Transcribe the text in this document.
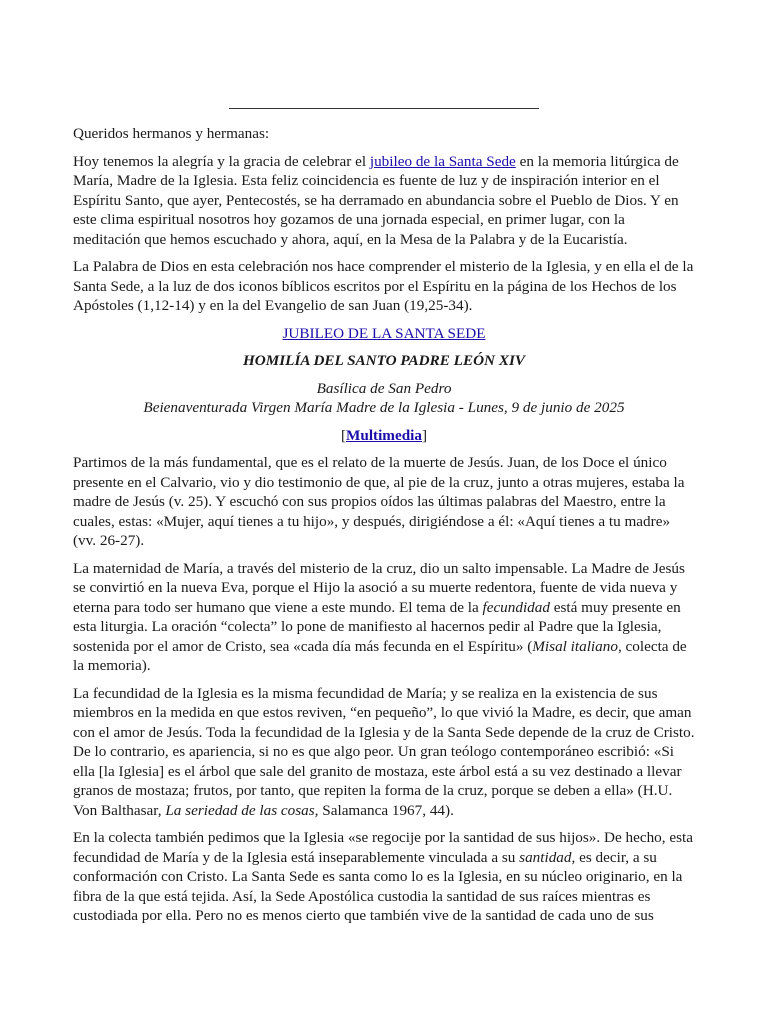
Queridos hermanos y hermanas:

Hoy tenemos la alegría y la gracia de celebrar el jubileo de la Santa Sede en la memoria litúrgica de María, Madre de la Iglesia. Esta feliz coincidencia es fuente de luz y de inspiración interior en el Espíritu Santo, que ayer, Pentecostés, se ha derramado en abundancia sobre el Pueblo de Dios. Y en este clima espiritual nosotros hoy gozamos de una jornada especial, en primer lugar, con la meditación que hemos escuchado y ahora, aquí, en la Mesa de la Palabra y de la Eucaristía.

La Palabra de Dios en esta celebración nos hace comprender el misterio de la Iglesia, y en ella el de la Santa Sede, a la luz de dos iconos bíblicos escritos por el Espíritu en la página de los Hechos de los Apóstoles (1,12-14) y en la del Evangelio de san Juan (19,25-34).

JUBILEO DE LA SANTA SEDE

HOMILÍA DEL SANTO PADRE LEÓN XIV

Basílica de San Pedro
Beienaventurada Virgen María Madre de la Iglesia - Lunes, 9 de junio de 2025

[Multimedia]

Partimos de la más fundamental, que es el relato de la muerte de Jesús. Juan, de los Doce el único presente en el Calvario, vio y dio testimonio de que, al pie de la cruz, junto a otras mujeres, estaba la madre de Jesús (v. 25). Y escuchó con sus propios oídos las últimas palabras del Maestro, entre la cuales, estas: «Mujer, aquí tienes a tu hijo», y después, dirigiéndose a él: «Aquí tienes a tu madre» (vv. 26-27).

La maternidad de María, a través del misterio de la cruz, dio un salto impensable. La Madre de Jesús se convirtió en la nueva Eva, porque el Hijo la asoció a su muerte redentora, fuente de vida nueva y eterna para todo ser humano que viene a este mundo. El tema de la fecundidad está muy presente en esta liturgia. La oración “colecta” lo pone de manifiesto al hacernos pedir al Padre que la Iglesia, sostenida por el amor de Cristo, sea «cada día más fecunda en el Espíritu» (Misal italiano, colecta de la memoria).

La fecundidad de la Iglesia es la misma fecundidad de María; y se realiza en la existencia de sus miembros en la medida en que estos reviven, “en pequeño”, lo que vivió la Madre, es decir, que aman con el amor de Jesús. Toda la fecundidad de la Iglesia y de la Santa Sede depende de la cruz de Cristo. De lo contrario, es apariencia, si no es que algo peor. Un gran teólogo contemporáneo escribió: «Si ella [la Iglesia] es el árbol que sale del granito de mostaza, este árbol está a su vez destinado a llevar granos de mostaza; frutos, por tanto, que repiten la forma de la cruz, porque se deben a ella» (H.U. Von Balthasar, La seriedad de las cosas, Salamanca 1967, 44).

En la colecta también pedimos que la Iglesia «se regocije por la santidad de sus hijos». De hecho, esta fecundidad de María y de la Iglesia está inseparablemente vinculada a su santidad, es decir, a su conformación con Cristo. La Santa Sede es santa como lo es la Iglesia, en su núcleo originario, en la fibra de la que está tejida. Así, la Sede Apostólica custodia la santidad de sus raíces mientras es custodiada por ella. Pero no es menos cierto que también vive de la santidad de cada uno de sus
